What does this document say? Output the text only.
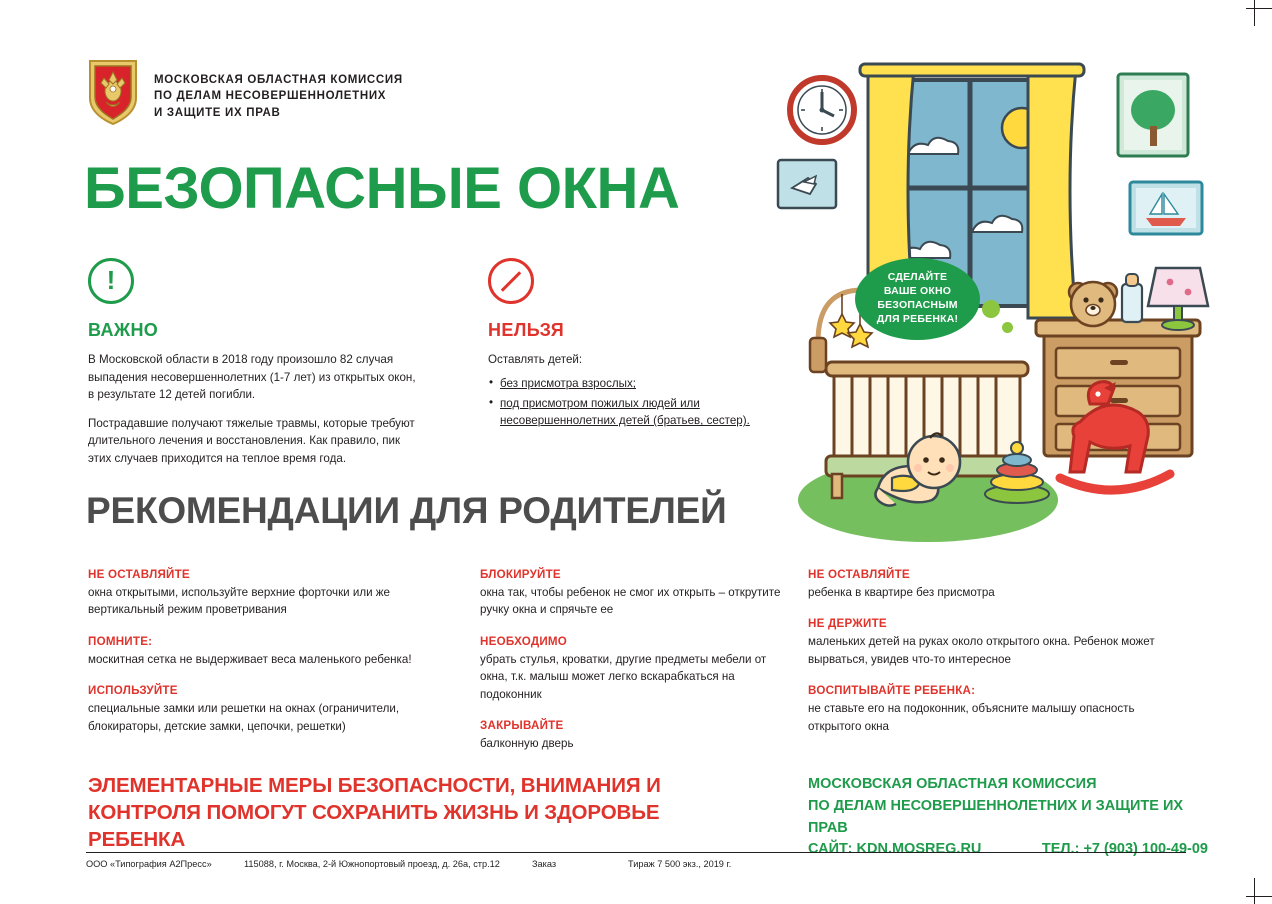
МОСКОВСКАЯ ОБЛАСТНАЯ КОМИССИЯ
ПО ДЕЛАМ НЕСОВЕРШЕННОЛЕТНИХ
И ЗАЩИТЕ ИХ ПРАВ
БЕЗОПАСНЫЕ ОКНА
!
ВАЖНО

В Московской области в 2018 году произошло 82 случая выпадения несовершеннолетних (1-7 лет) из открытых окон, в результате 12 детей погибли.

Пострадавшие получают тяжелые травмы, которые требуют длительного лечения и восстановления. Как правило, пик этих случаев приходится на теплое время года.

НЕЛЬЗЯ
Оставлять детей:
• без присмотра взрослых;
• под присмотром пожилых людей или несовершеннолетних детей (братьев, сестер).
РЕКОМЕНДАЦИИ ДЛЯ РОДИТЕЛЕЙ
НЕ ОСТАВЛЯЙТЕ
окна открытыми, используйте верхние форточки или же вертикальный режим проветривания
ПОМНИТЕ:
москитная сетка не выдерживает веса маленького ребенка!
ИСПОЛЬЗУЙТЕ
специальные замки или решетки на окнах (ограничители, блокираторы, детские замки, цепочки, решетки)
БЛОКИРУЙТЕ
окна так, чтобы ребенок не смог их открыть – открутите ручку окна и спрячьте ее
НЕОБХОДИМО
убрать стулья, кроватки, другие предметы мебели от окна, т.к. малыш может легко вскарабкаться на подоконник
ЗАКРЫВАЙТЕ
балконную дверь
НЕ ОСТАВЛЯЙТЕ
ребенка в квартире без присмотра
НЕ ДЕРЖИТЕ
маленьких детей на руках около открытого окна. Ребенок может вырваться, увидев что-то интересное
ВОСПИТЫВАЙТЕ РЕБЕНКА:
не ставьте его на подоконник, объясните малышу опасность открытого окна
ЭЛЕМЕНТАРНЫЕ МЕРЫ БЕЗОПАСНОСТИ, ВНИМАНИЯ И КОНТРОЛЯ ПОМОГУТ СОХРАНИТЬ ЖИЗНЬ И ЗДОРОВЬЕ РЕБЕНКА
МОСКОВСКАЯ ОБЛАСТНАЯ КОМИССИЯ
ПО ДЕЛАМ НЕСОВЕРШЕННОЛЕТНИХ И ЗАЩИТЕ ИХ ПРАВ
САЙТ: KDN.MOSREG.RU	ТЕЛ.: +7 (903) 100-49-09
ООО «Типография А2Пресс»	115088, г. Москва, 2-й Южнопортовый проезд, д. 26а, стр.12	Заказ	Тираж 7 500 экз., 2019 г.
СДЕЛАЙТЕ
ВАШЕ ОКНО
БЕЗОПАСНЫМ
ДЛЯ РЕБЕНКА!
